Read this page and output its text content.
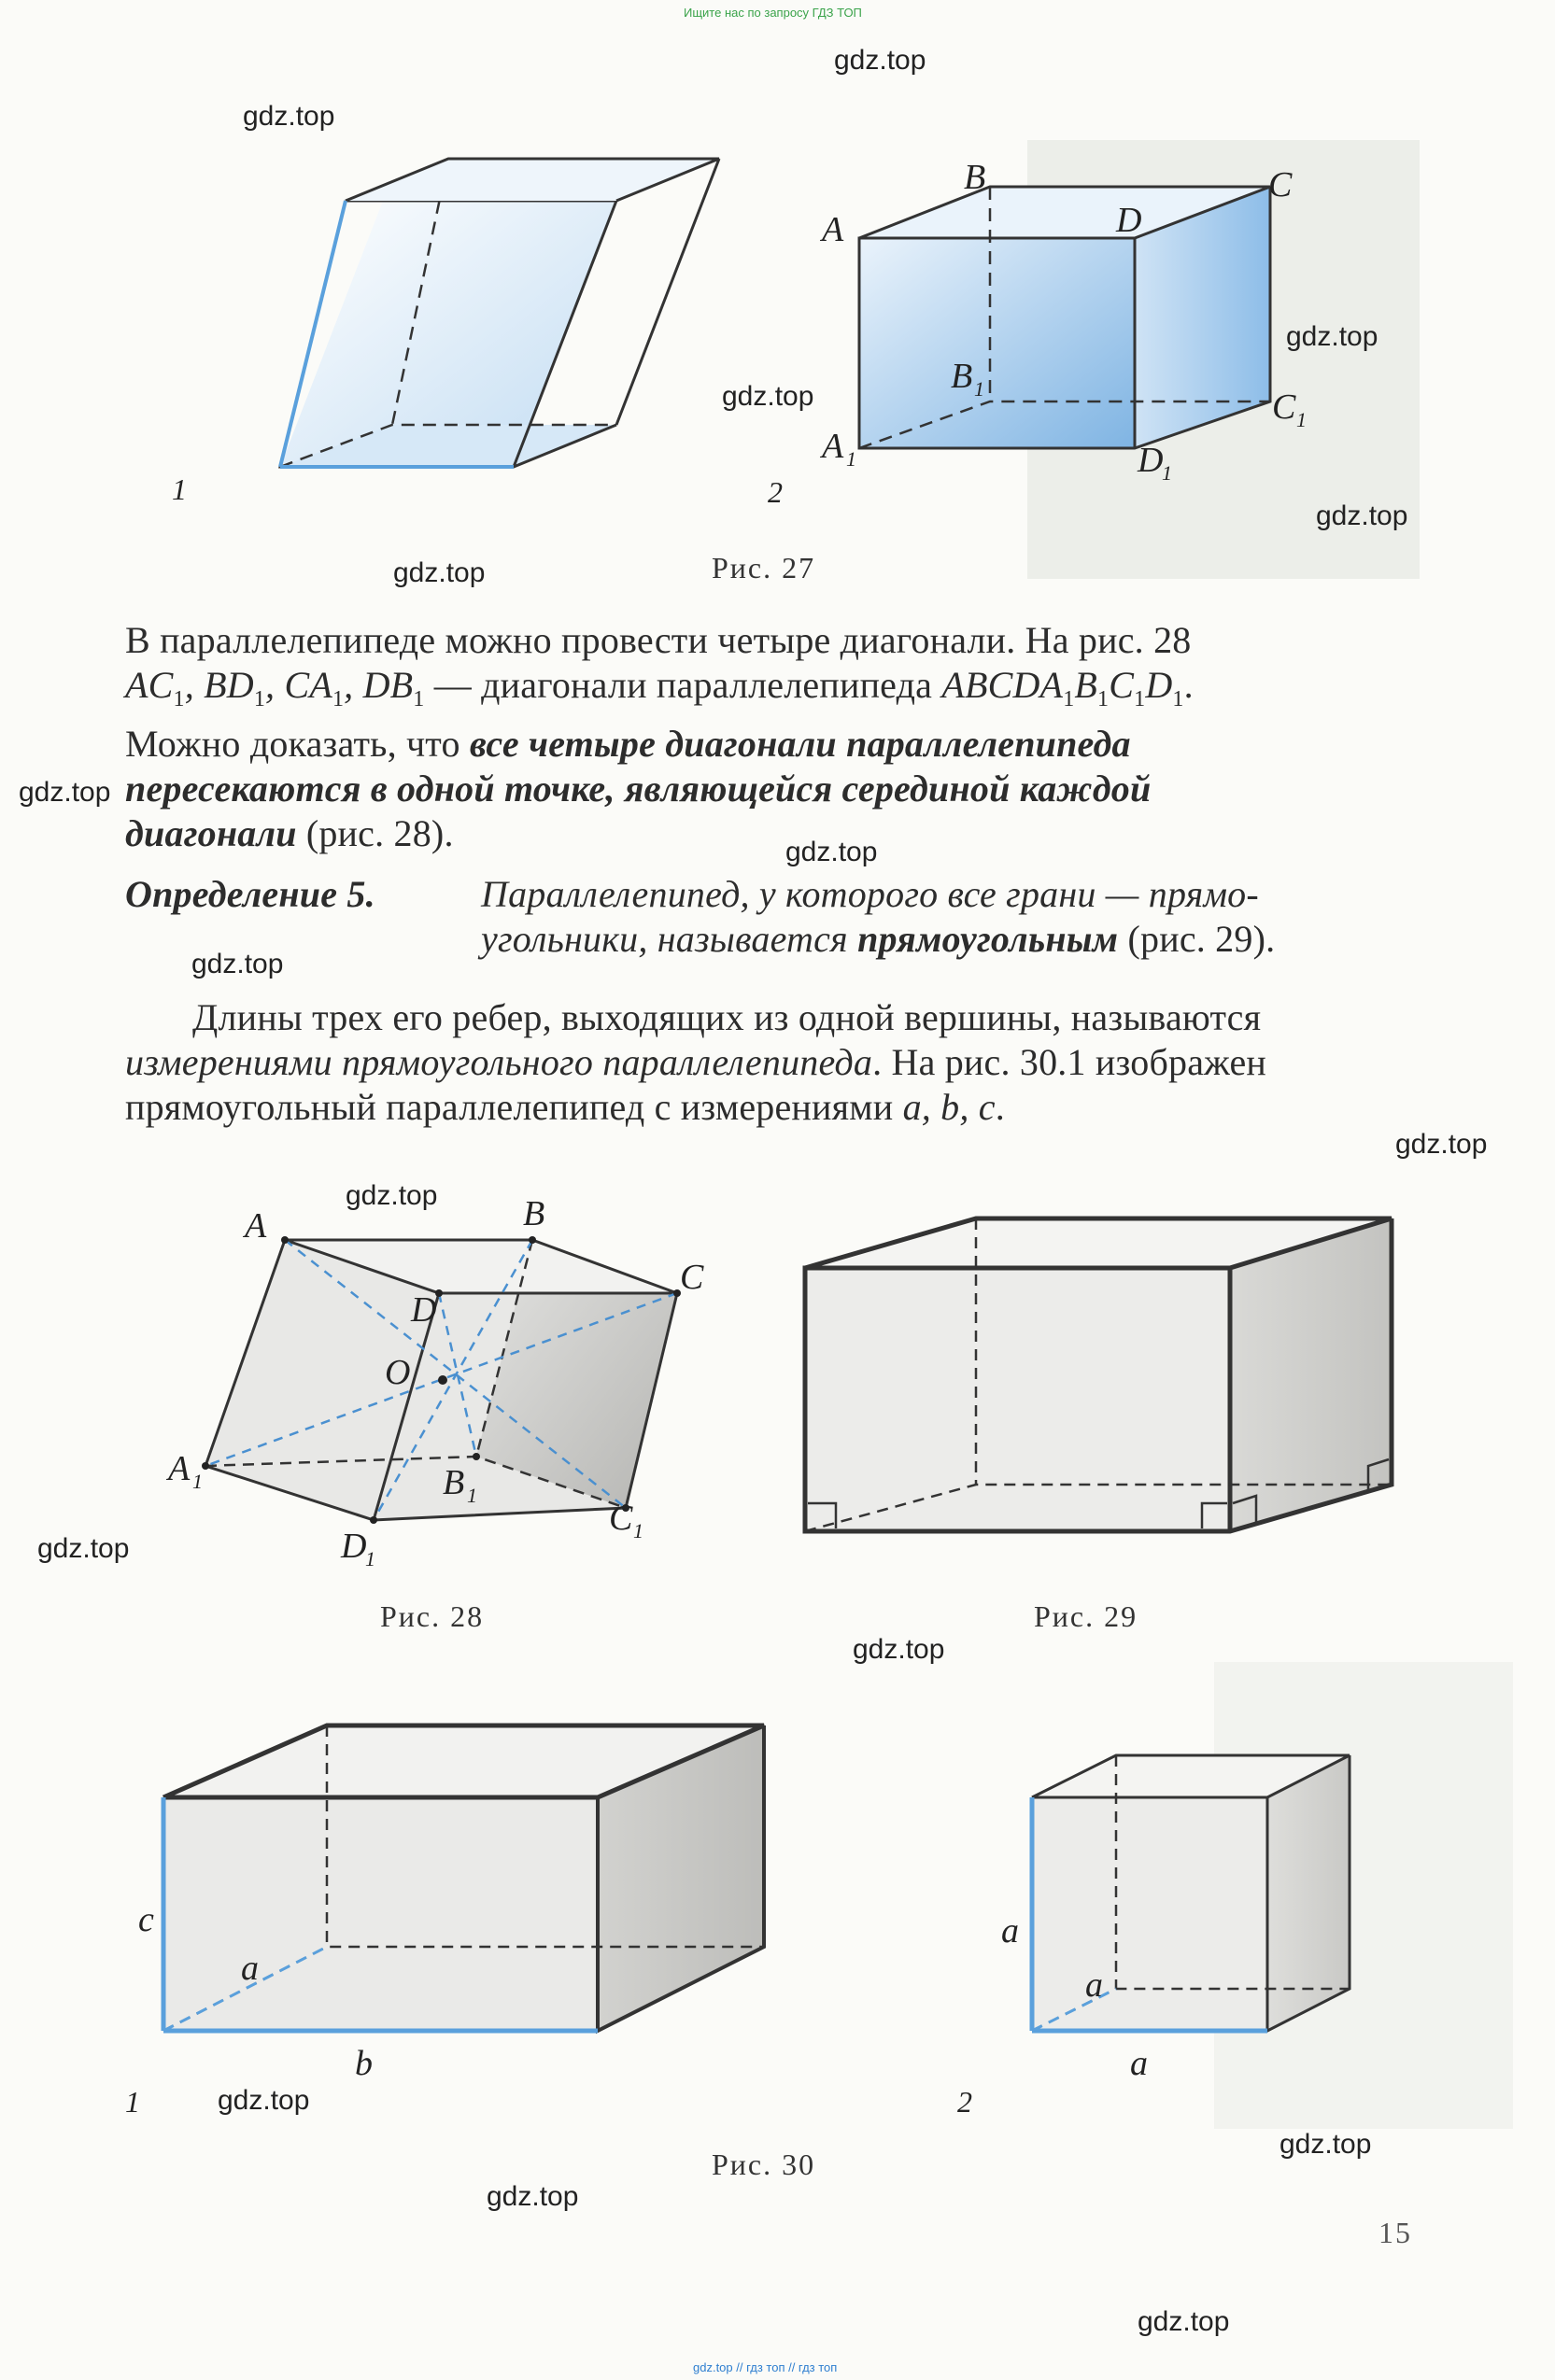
Ищите нас по запросу ГДЗ ТОП
gdz.top
gdz.top
gdz.top
gdz.top
gdz.top
gdz.top
gdz.top
gdz.top
gdz.top
gdz.top
gdz.top
gdz.top
gdz.top
gdz.top
gdz.top
gdz.top
gdz.top
1
A
B	C
D
B 1	C 1
A 1	D
1
2
Рис. 27
В параллелепипеде можно провести четыре диагонали. На рис. 28
$AC_1$, $BD_1$, $CA_1$, $DB_1$ — диагонали параллелепипеда $ABCDA_1B_1C_1D_1$.
Можно доказать, что все четыре диагонали параллелепипеда
пересекаются в одной точке, являющейся серединой каждой
диагонали (рис. 28).
Определение 5.	Параллелепипед, у которого все грани — прямо-
угольники, называется прямоугольным (рис. 29).
Длины трех его ребер, выходящих из одной вершины, называются
измерениями прямоугольного параллелепипеда. На рис. 30.1 изображен
прямоугольный параллелепипед с измерениями a, b, c.
A	B
C
D
O
A 1	B 1
C 1
D
1
Рис. 28	Рис. 29
c
a
b
1
a
a
a
2
Рис. 30
15
gdz.top // гдз топ // гдз топ
